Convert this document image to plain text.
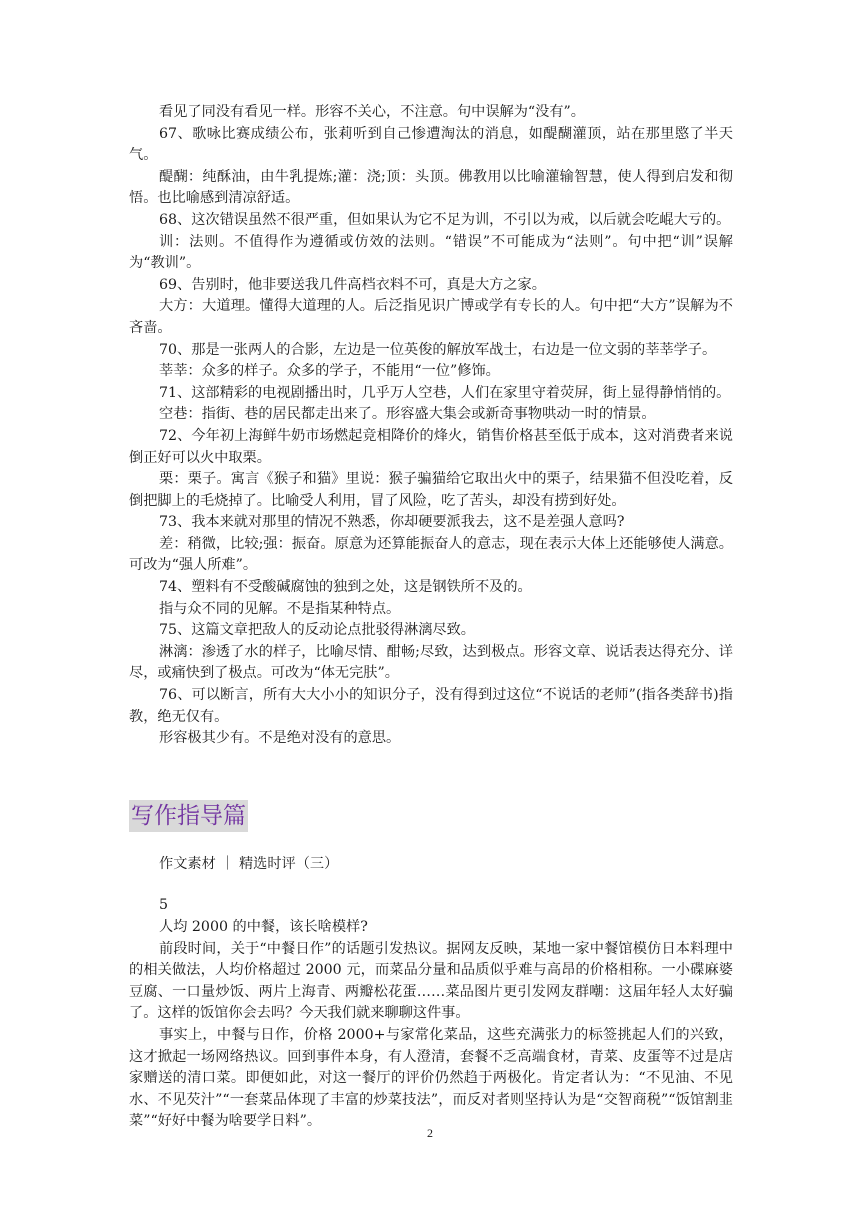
看见了同没有看见一样。形容不关心，不注意。句中误解为“没有”。

67、歌咏比赛成绩公布，张莉听到自己惨遭淘汰的消息，如醍醐灌顶，站在那里愍了半天气。

醍醐：纯酥油，由牛乳提炼;灌：浇;顶：头顶。佛教用以比喻灌输智慧，使人得到启发和彻悟。也比喻感到清凉舒适。

68、这次错误虽然不很严重，但如果认为它不足为训，不引以为戒，以后就会吃崐大亏的。

训：法则。不值得作为遵循或仿效的法则。“错误”不可能成为“法则”。句中把“训”误解为“教训”。

69、告别时，他非要送我几件高档衣料不可，真是大方之家。

大方：大道理。懂得大道理的人。后泛指见识广博或学有专长的人。句中把“大方”误解为不吝啬。

70、那是一张两人的合影，左边是一位英俊的解放军战士，右边是一位文弱的莘莘学子。

莘莘：众多的样子。众多的学子，不能用“一位”修饰。

71、这部精彩的电视剧播出时，几乎万人空巷，人们在家里守着荧屏，街上显得静悄悄的。

空巷：指街、巷的居民都走出来了。形容盛大集会或新奇事物哄动一时的情景。

72、今年初上海鲜牛奶市场燃起竞相降价的烽火，销售价格甚至低于成本，这对消费者来说倒正好可以火中取栗。

栗：栗子。寓言《猴子和猫》里说：猴子骗猫给它取出火中的栗子，结果猫不但没吃着，反倒把脚上的毛烧掉了。比喻受人利用，冒了风险，吃了苦头，却没有捞到好处。

73、我本来就对那里的情况不熟悉，你却硬要派我去，这不是差强人意吗?

差：稍微，比较;强：振奋。原意为还算能振奋人的意志，现在表示大体上还能够使人满意。可改为“强人所难”。

74、塑料有不受酸碱腐蚀的独到之处，这是钢铁所不及的。

指与众不同的见解。不是指某种特点。

75、这篇文章把敌人的反动论点批驳得淋漓尽致。

淋漓：渗透了水的样子，比喻尽情、酣畅;尽致，达到极点。形容文章、说话表达得充分、详尽，或痛快到了极点。可改为“体无完肤”。

76、可以断言，所有大大小小的知识分子，没有得到过这位“不说话的老师”(指各类辞书)指教，绝无仅有。

形容极其少有。不是绝对没有的意思。

写作指导篇

作文素材 ｜ 精选时评（三）

5

人均 2000 的中餐，该长啥模样?

前段时间，关于“中餐日作”的话题引发热议。据网友反映，某地一家中餐馆模仿日本料理中的相关做法，人均价格超过 2000 元，而菜品分量和品质似乎难与高昂的价格相称。一小碟麻婆豆腐、一口量炒饭、两片上海青、两瓣松花蛋……菜品图片更引发网友群嘲：这届年轻人太好骗了。这样的饭馆你会去吗？今天我们就来聊聊这件事。

事实上，中餐与日作，价格 2000+与家常化菜品，这些充满张力的标签挑起人们的兴致，这才掀起一场网络热议。回到事件本身，有人澄清，套餐不乏高端食材，青菜、皮蛋等不过是店家赠送的清口菜。即便如此，对这一餐厅的评价仍然趋于两极化。肯定者认为：“不见油、不见水、不见芡汁”“一套菜品体现了丰富的炒菜技法”，而反对者则坚持认为是“交智商税”“饭馆割韭菜”“好好中餐为啥要学日料”。

2
